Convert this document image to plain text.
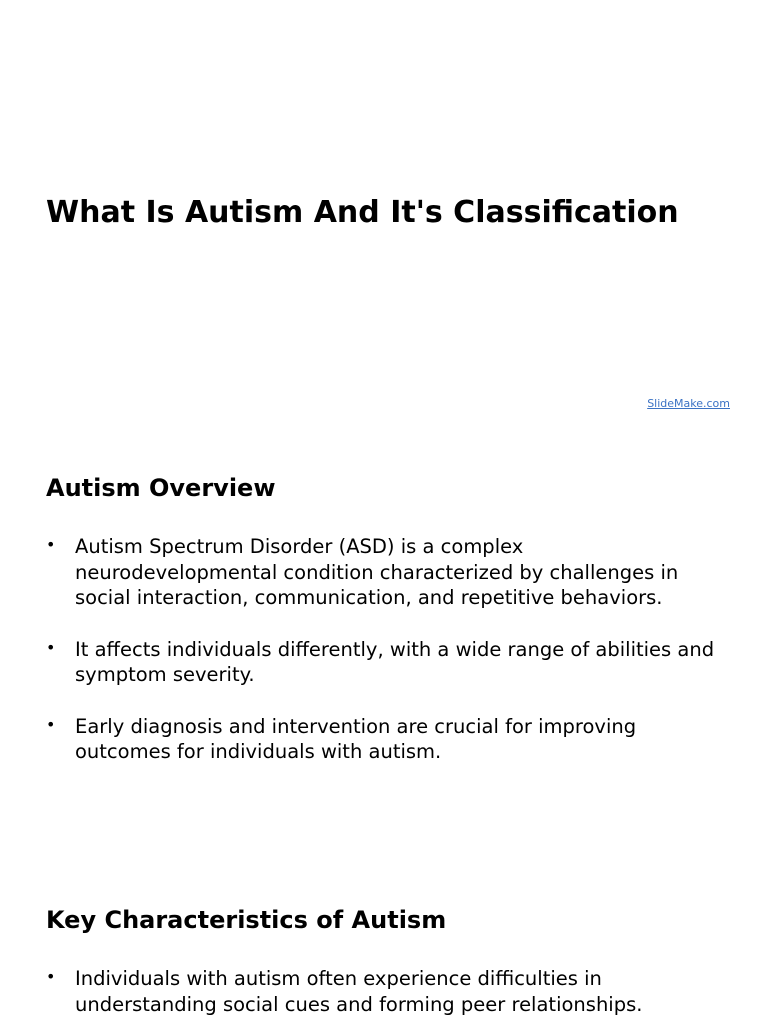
What Is Autism And It's Classification
SlideMake.com
Autism Overview
• Autism Spectrum Disorder (ASD) is a complex neurodevelopmental condition characterized by challenges in social interaction, communication, and repetitive behaviors.
• It affects individuals differently, with a wide range of abilities and symptom severity.
• Early diagnosis and intervention are crucial for improving outcomes for individuals with autism.
Key Characteristics of Autism
• Individuals with autism often experience difficulties in understanding social cues and forming peer relationships.
